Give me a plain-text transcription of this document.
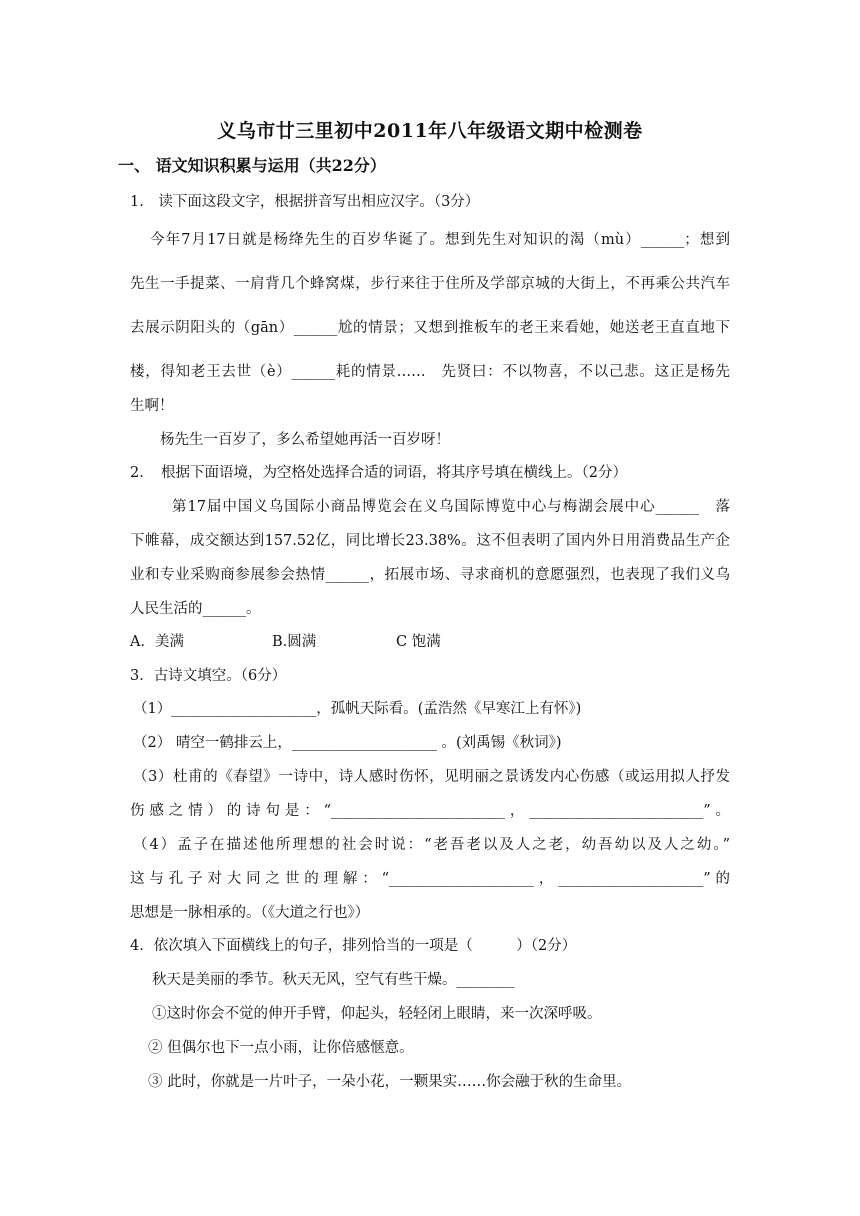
义乌市廿三里初中2011年八年级语文期中检测卷
一、 语文知识积累与运用（共22分）
1． 读下面这段文字，根据拼音写出相应汉字。（3分）
今年7月17日就是杨绛先生的百岁华诞了。想到先生对知识的渴（mù）______；想到
先生一手提菜、一肩背几个蜂窝煤，步行来往于住所及学部京城的大街上，不再乘公共汽车
去展示阴阳头的（gān）______尬的情景；又想到推板车的老王来看她，她送老王直直地下
楼，得知老王去世（è）______耗的情景……　先贤曰：不以物喜，不以己悲。这正是杨先
生啊！
杨先生一百岁了，多么希望她再活一百岁呀！
2．　根据下面语境，为空格处选择合适的词语，将其序号填在横线上。（2分）
第17届中国义乌国际小商品博览会在义乌国际博览中心与梅湖会展中心______　落
下帷幕，成交额达到157.52亿，同比增长23.38%。这不但表明了国内外日用消费品生产企
业和专业采购商参展参会热情______，拓展市场、寻求商机的意愿强烈，也表现了我们义乌
人民生活的______。
A．美满	B.圆满	C 饱满
3．古诗文填空。（6分）
（1）____________________，孤帆天际看。(孟浩然《早寒江上有怀》)
（2） 晴空一鹤排云上，____________________ 。(刘禹锡《秋词》)
（3）杜甫的《春望》一诗中，诗人感时伤怀，见明丽之景诱发内心伤感（或运用拟人抒发
伤感之情）的诗句是：“________________________，________________________”。
（4）孟子在描述他所理想的社会时说：“老吾老以及人之老，幼吾幼以及人之幼。”
这与孔子对大同之世的理解：“____________________，____________________”的
思想是一脉相承的。（《大道之行也》）
4．依次填入下面横线上的句子，排列恰当的一项是（　　　）（2分）
秋天是美丽的季节。秋天无风，空气有些干燥。________
①这时你会不觉的伸开手臂，仰起头，轻轻闭上眼睛，来一次深呼吸。
② 但偶尔也下一点小雨，让你倍感惬意。
③ 此时，你就是一片叶子，一朵小花，一颗果实……你会融于秋的生命里。
